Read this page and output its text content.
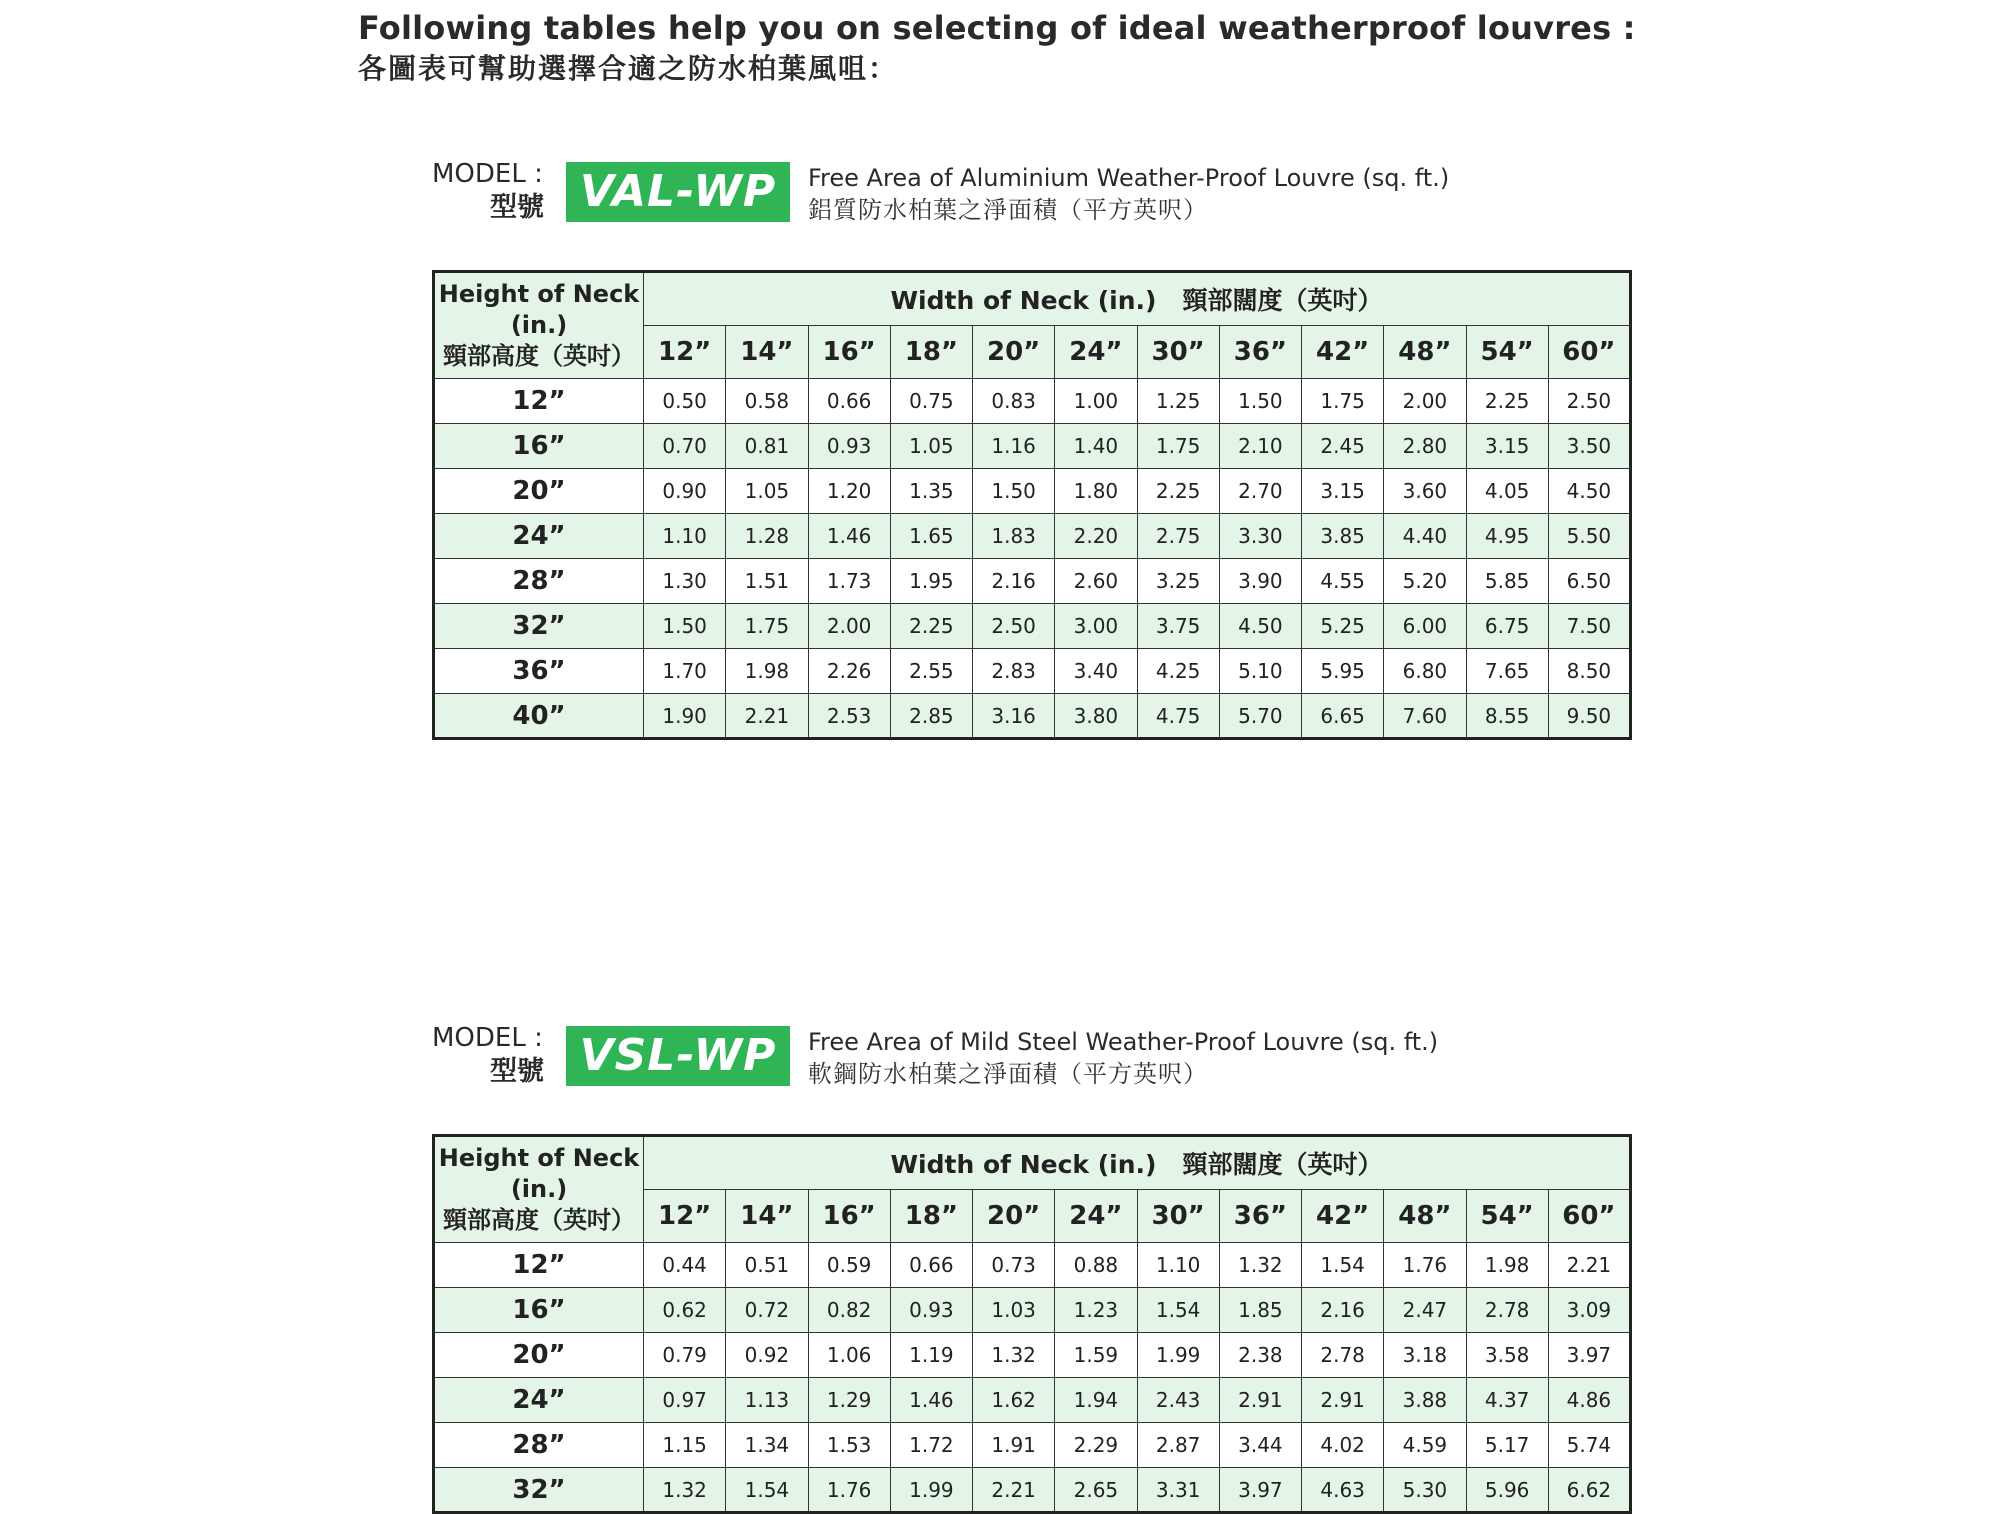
Following tables help you on selecting of ideal weatherproof louvres :
各圖表可幫助選擇合適之防水柏葉風咀：
MODEL :
型號 VAL-WP	Free Area of Aluminium Weather-Proof Louvre (sq. ft.)
鋁質防水柏葉之淨面積（平方英呎）
Height of Neck
(in.)
頸部高度（英吋）	Width of Neck (in.) 頸部闊度（英吋）											
	12”	14”	16”	18”	20”	24”	30”	36”	42”	48”	54”	60”
12”	0.50	0.58	0.66	0.75	0.83	1.00	1.25	1.50	1.75	2.00	2.25	2.50
16”	0.70	0.81	0.93	1.05	1.16	1.40	1.75	2.10	2.45	2.80	3.15	3.50
20”	0.90	1.05	1.20	1.35	1.50	1.80	2.25	2.70	3.15	3.60	4.05	4.50
24”	1.10	1.28	1.46	1.65	1.83	2.20	2.75	3.30	3.85	4.40	4.95	5.50
28”	1.30	1.51	1.73	1.95	2.16	2.60	3.25	3.90	4.55	5.20	5.85	6.50
32”	1.50	1.75	2.00	2.25	2.50	3.00	3.75	4.50	5.25	6.00	6.75	7.50
36”	1.70	1.98	2.26	2.55	2.83	3.40	4.25	5.10	5.95	6.80	7.65	8.50
40”	1.90	2.21	2.53	2.85	3.16	3.80	4.75	5.70	6.65	7.60	8.55	9.50
MODEL :
型號 VSL-WP	Free Area of Mild Steel Weather-Proof Louvre (sq. ft.)
軟鋼防水柏葉之淨面積（平方英呎）
Height of Neck
(in.)
頸部高度（英吋）	Width of Neck (in.) 頸部闊度（英吋）											
	12”	14”	16”	18”	20”	24”	30”	36”	42”	48”	54”	60”
12”	0.44	0.51	0.59	0.66	0.73	0.88	1.10	1.32	1.54	1.76	1.98	2.21
16”	0.62	0.72	0.82	0.93	1.03	1.23	1.54	1.85	2.16	2.47	2.78	3.09
20”	0.79	0.92	1.06	1.19	1.32	1.59	1.99	2.38	2.78	3.18	3.58	3.97
24”	0.97	1.13	1.29	1.46	1.62	1.94	2.43	2.91	2.91	3.88	4.37	4.86
28”	1.15	1.34	1.53	1.72	1.91	2.29	2.87	3.44	4.02	4.59	5.17	5.74
32”	1.32	1.54	1.76	1.99	2.21	2.65	3.31	3.97	4.63	5.30	5.96	6.62
